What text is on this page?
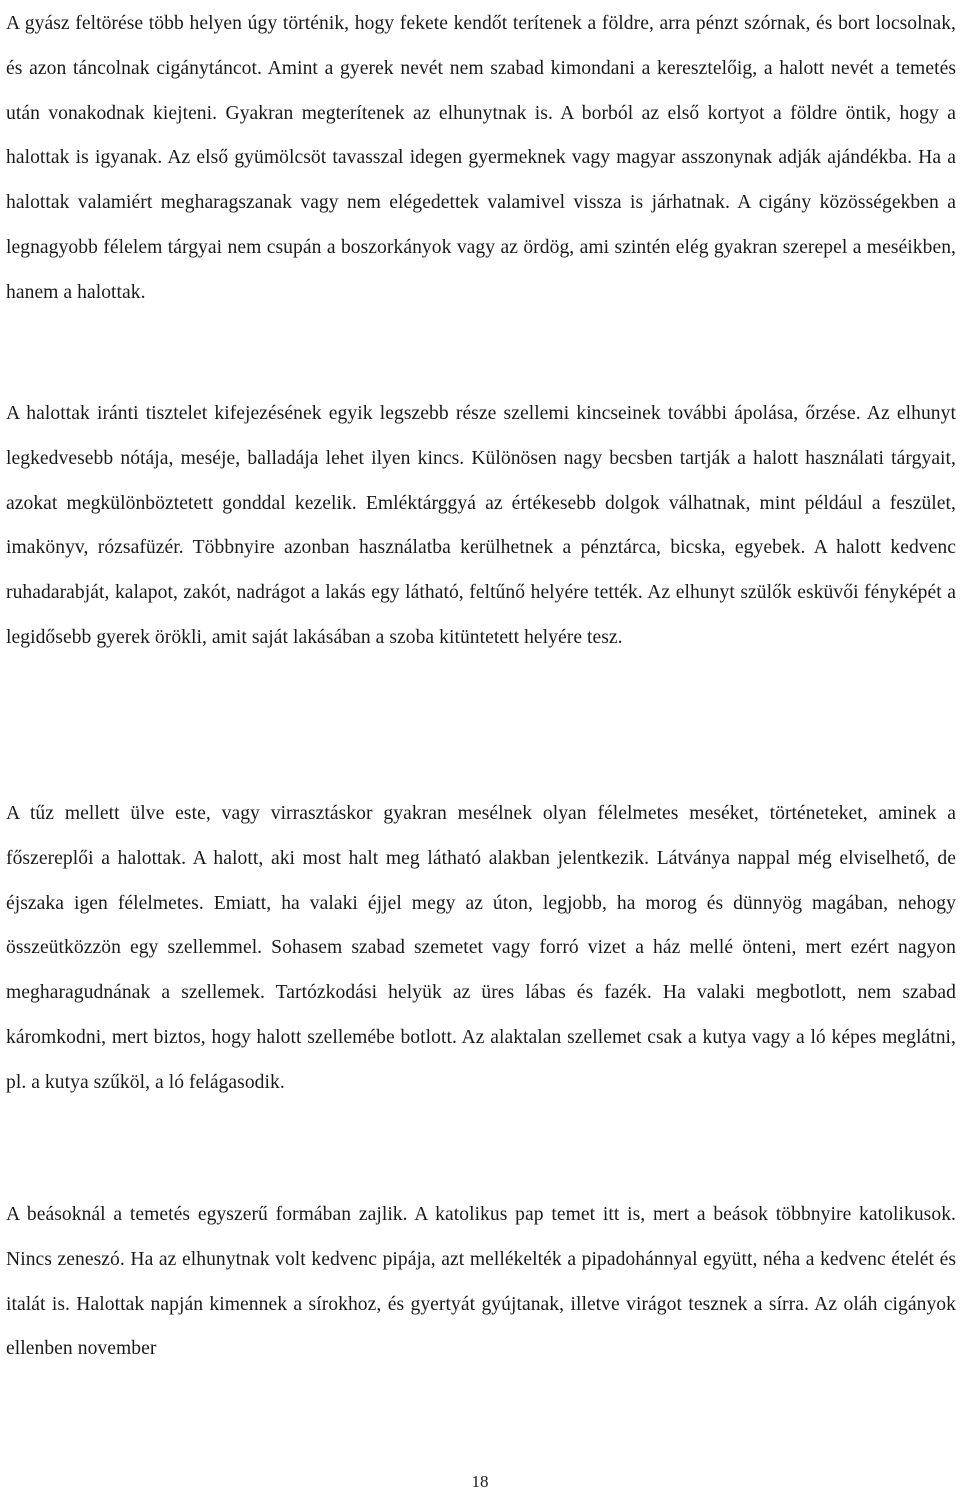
A gyász feltörése több helyen úgy történik, hogy fekete kendőt terítenek a földre, arra pénzt szórnak, és bort locsolnak, és azon táncolnak cigánytáncot. Amint a gyerek nevét nem szabad kimondani a keresztelőig, a halott nevét a temetés után vonakodnak kiejteni. Gyakran megterítenek az elhunytnak is. A borból az első kortyot a földre öntik, hogy a halottak is igyanak. Az első gyümölcsöt tavasszal idegen gyermeknek vagy magyar asszonynak adják ajándékba. Ha a halottak valamiért megharagszanak vagy nem elégedettek valamivel vissza is járhatnak. A cigány közösségekben a legnagyobb félelem tárgyai nem csupán a boszorkányok vagy az ördög, ami szintén elég gyakran szerepel a meséikben, hanem a halottak.

A halottak iránti tisztelet kifejezésének egyik legszebb része szellemi kincseinek további ápolása, őrzése. Az elhunyt legkedvesebb nótája, meséje, balladája lehet ilyen kincs. Különösen nagy becsben tartják a halott használati tárgyait, azokat megkülönböztetett gonddal kezelik. Emléktárggyá az értékesebb dolgok válhatnak, mint például a feszület, imakönyv, rózsafüzér. Többnyire azonban használatba kerülhetnek a pénztárca, bicska, egyebek. A halott kedvenc ruhadarabját, kalapot, zakót, nadrágot a lakás egy látható, feltűnő helyére tették. Az elhunyt szülők esküvői fényképét a legidősebb gyerek örökli, amit saját lakásában a szoba kitüntetett helyére tesz.

A tűz mellett ülve este, vagy virrasztáskor gyakran mesélnek olyan félelmetes meséket, történeteket, aminek a főszereplői a halottak. A halott, aki most halt meg látható alakban jelentkezik. Látványa nappal még elviselhető, de éjszaka igen félelmetes. Emiatt, ha valaki éjjel megy az úton, legjobb, ha morog és dünnyög magában, nehogy összeütközzön egy szellemmel. Sohasem szabad szemetet vagy forró vizet a ház mellé önteni, mert ezért nagyon megharagudnának a szellemek. Tartózkodási helyük az üres lábas és fazék. Ha valaki megbotlott, nem szabad káromkodni, mert biztos, hogy halott szellemébe botlott. Az alaktalan szellemet csak a kutya vagy a ló képes meglátni, pl. a kutya szűköl, a ló felágasodik.

A beásoknál a temetés egyszerű formában zajlik. A katolikus pap temet itt is, mert a beások többnyire katolikusok. Nincs zeneszó. Ha az elhunytnak volt kedvenc pipája, azt mellékelték a pipadohánnyal együtt, néha a kedvenc ételét és italát is. Halottak napján kimennek a sírokhoz, és gyertyát gyújtanak, illetve virágot tesznek a sírra. Az oláh cigányok ellenben november

18
